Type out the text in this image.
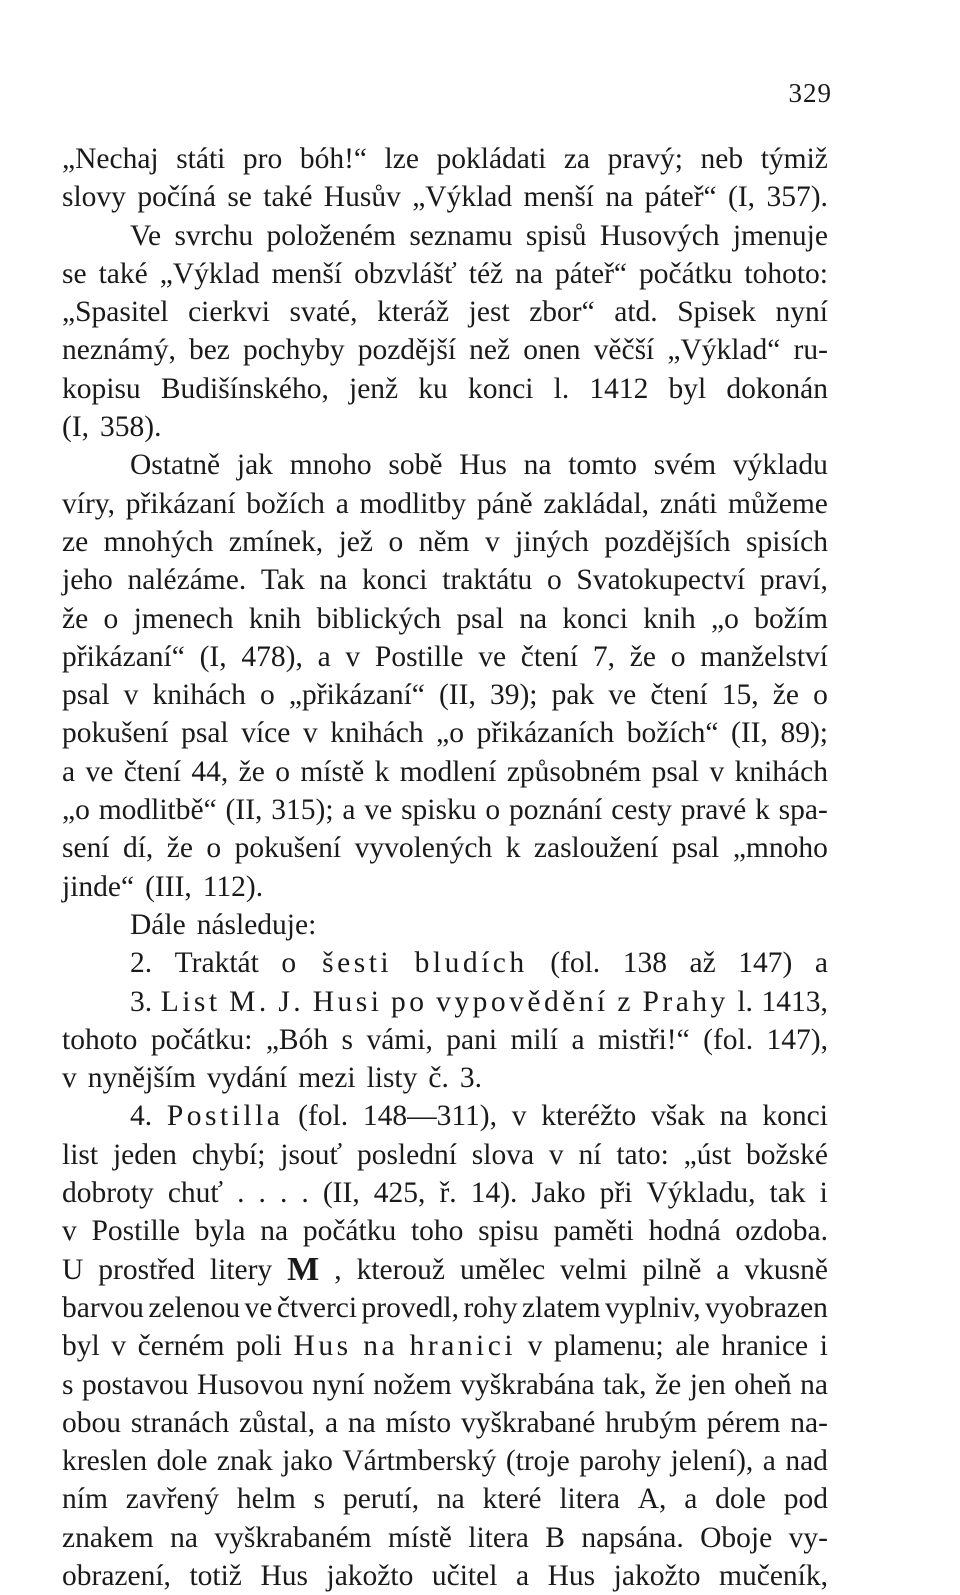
329
„Nechaj státi pro bóh!“ lze pokládati za pravý; neb týmiž
slovy počíná se také Husův „Výklad menší na páteř“ (I, 357).
Ve svrchu položeném seznamu spisů Husových jmenuje
se také „Výklad menší obzvlášť též na páteř“ počátku tohoto:
„Spasitel cierkvi svaté, kteráž jest zbor“ atd. Spisek nyní
neznámý, bez pochyby pozdější než onen věčší „Výklad“ ru-
kopisu Budišínského, jenž ku konci l. 1412 byl dokonán
(I, 358).
Ostatně jak mnoho sobě Hus na tomto svém výkladu
víry, přikázaní božích a modlitby páně zakládal, znáti můžeme
ze mnohých zmínek, jež o něm v jiných pozdějších spisích
jeho nalézáme. Tak na konci traktátu o Svatokupectví praví,
že o jmenech knih biblických psal na konci knih „o božím
přikázaní“ (I, 478), a v Postille ve čtení 7, že o manželství
psal v knihách o „přikázaní“ (II, 39); pak ve čtení 15, že o
pokušení psal více v knihách „o přikázaních božích“ (II, 89);
a ve čtení 44, že o místě k modlení způsobném psal v knihách
„o modlitbě“ (II, 315); a ve spisku o poznání cesty pravé k spa-
sení dí, že o pokušení vyvolených k zasloužení psal „mnoho
jinde“ (III, 112).
Dále následuje:
2. Traktát o šesti bludích (fol. 138 až 147) a
3. List M. J. Husi po vypovědění z Prahy l. 1413,
tohoto počátku: „Bóh s vámi, pani milí a mistři!“ (fol. 147),
v nynějším vydání mezi listy č. 3.
4. Postilla (fol. 148—311), v kteréžto však na konci
list jeden chybí; jsouť poslední slova v ní tato: „úst božské
dobroty chuť . . . . (II, 425, ř. 14). Jako při Výkladu, tak i
v Postille byla na počátku toho spisu paměti hodná ozdoba.
U prostřed litery M , kterouž umělec velmi pilně a vkusně
barvou zelenou ve čtverci provedl, rohy zlatem vyplniv, vyobrazen
byl v černém poli Hus na hranici v plamenu; ale hranice i
s postavou Husovou nyní nožem vyškrabána tak, že jen oheň na
obou stranách zůstal, a na místo vyškrabané hrubým pérem na-
kreslen dole znak jako Vártmberský (troje parohy jelení), a nad
ním zavřený helm s perutí, na které litera A, a dole pod
znakem na vyškrabaném místě litera B napsána. Oboje vy-
obrazení, totiž Hus jakožto učitel a Hus jakožto mučeník,
